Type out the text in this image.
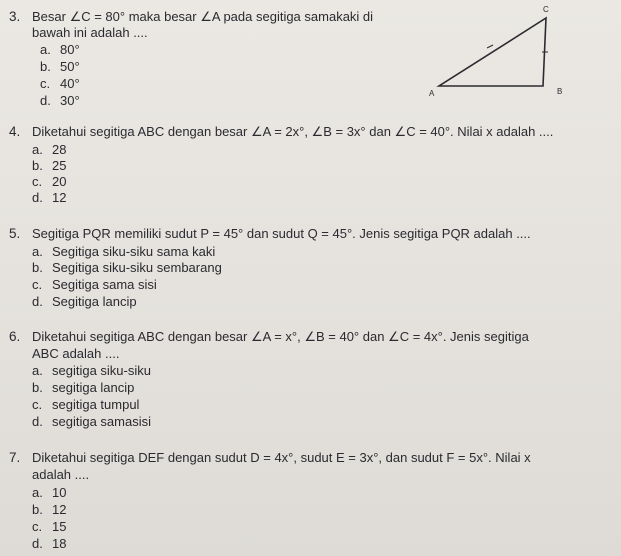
3. Besar ∠C = 80° maka besar ∠A pada segitiga samakaki di
bawah ini adalah ....
a. 80°
b. 50°
c. 40°
d. 30°
C
A	B
4. Diketahui segitiga ABC dengan besar ∠A = 2x°, ∠B = 3x° dan ∠C = 40°. Nilai x adalah ....
a. 28
b. 25
c. 20
d. 12
5. Segitiga PQR memiliki sudut P = 45° dan sudut Q = 45°. Jenis segitiga PQR adalah ....
a. Segitiga siku-siku sama kaki
b. Segitiga siku-siku sembarang
c. Segitiga sama sisi
d. Segitiga lancip
6. Diketahui segitiga ABC dengan besar ∠A = x°, ∠B = 40° dan ∠C = 4x°. Jenis segitiga
ABC adalah ....
a. segitiga siku-siku
b. segitiga lancip
c. segitiga tumpul
d. segitiga samasisi
7. Diketahui segitiga DEF dengan sudut D = 4x°, sudut E = 3x°, dan sudut F = 5x°. Nilai x
adalah ....
a. 10
b. 12
c. 15
d. 18
